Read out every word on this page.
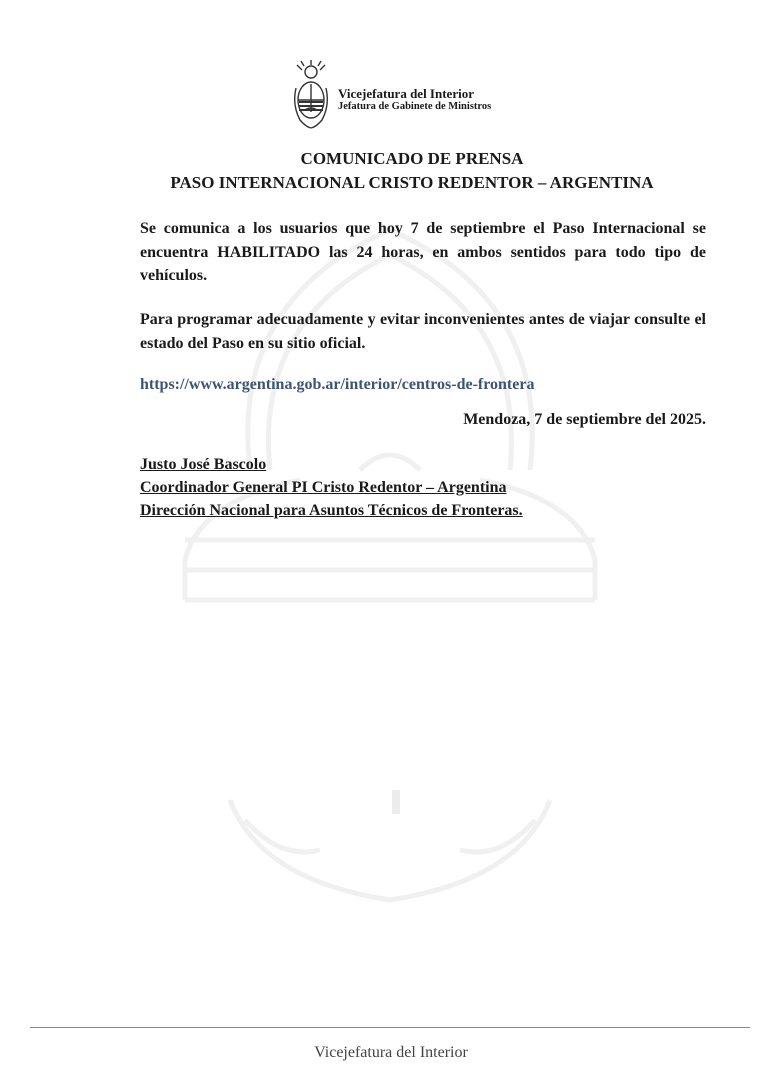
Vicejefatura del Interior
Jefatura de Gabinete de Ministros
COMUNICADO DE PRENSA
PASO INTERNACIONAL CRISTO REDENTOR – ARGENTINA
Se comunica a los usuarios que hoy 7 de septiembre el Paso Internacional se encuentra HABILITADO las 24 horas, en ambos sentidos para todo tipo de vehículos.
Para programar adecuadamente y evitar inconvenientes antes de viajar consulte el estado del Paso en su sitio oficial.
https://www.argentina.gob.ar/interior/centros-de-frontera
Mendoza, 7 de septiembre del 2025.
Justo José Bascolo
Coordinador General PI Cristo Redentor – Argentina
Dirección Nacional para Asuntos Técnicos de Fronteras.
Vicejefatura del Interior
